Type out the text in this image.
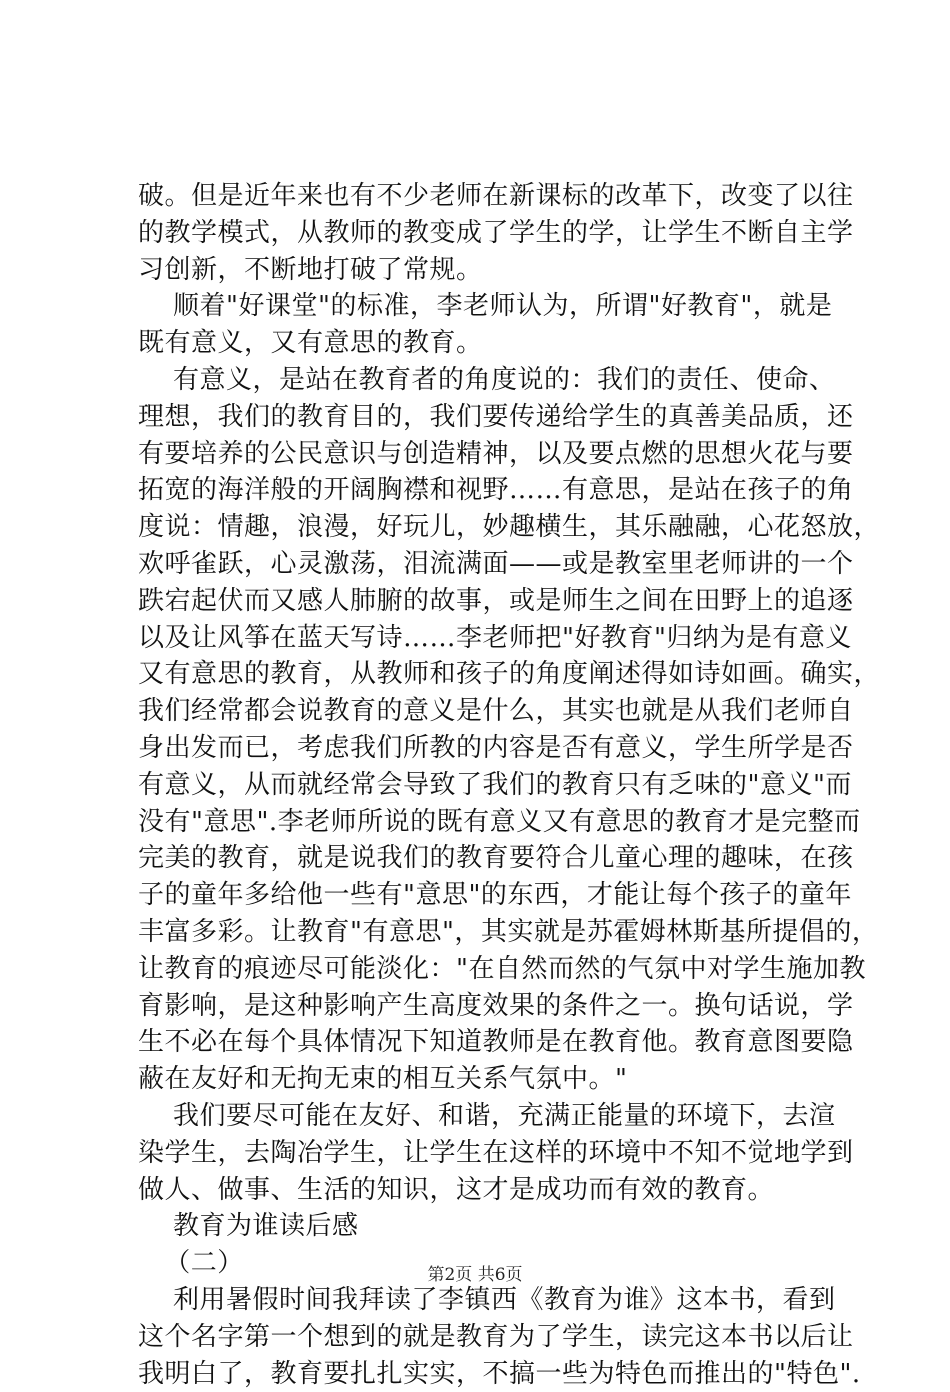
破。但是近年来也有不少老师在新课标的改革下，改变了以往
的教学模式，从教师的教变成了学生的学，让学生不断自主学
习创新，不断地打破了常规。
顺着"好课堂"的标准，李老师认为，所谓"好教育"，就是
既有意义，又有意思的教育。
有意义，是站在教育者的角度说的：我们的责任、使命、
理想，我们的教育目的，我们要传递给学生的真善美品质，还
有要培养的公民意识与创造精神，以及要点燃的思想火花与要
拓宽的海洋般的开阔胸襟和视野……有意思，是站在孩子的角
度说：情趣，浪漫，好玩儿，妙趣横生，其乐融融，心花怒放，
欢呼雀跃，心灵激荡，泪流满面——或是教室里老师讲的一个
跌宕起伏而又感人肺腑的故事，或是师生之间在田野上的追逐
以及让风筝在蓝天写诗……李老师把"好教育"归纳为是有意义
又有意思的教育，从教师和孩子的角度阐述得如诗如画。确实，
我们经常都会说教育的意义是什么，其实也就是从我们老师自
身出发而已，考虑我们所教的内容是否有意义，学生所学是否
有意义，从而就经常会导致了我们的教育只有乏味的"意义"而
没有"意思".李老师所说的既有意义又有意思的教育才是完整而
完美的教育，就是说我们的教育要符合儿童心理的趣味，在孩
子的童年多给他一些有"意思"的东西，才能让每个孩子的童年
丰富多彩。让教育"有意思"，其实就是苏霍姆林斯基所提倡的，
让教育的痕迹尽可能淡化："在自然而然的气氛中对学生施加教
育影响，是这种影响产生高度效果的条件之一。换句话说，学
生不必在每个具体情况下知道教师是在教育他。教育意图要隐
蔽在友好和无拘无束的相互关系气氛中。"
我们要尽可能在友好、和谐，充满正能量的环境下，去渲
染学生，去陶冶学生，让学生在这样的环境中不知不觉地学到
做人、做事、生活的知识，这才是成功而有效的教育。
教育为谁读后感
（二）
利用暑假时间我拜读了李镇西《教育为谁》这本书，看到
这个名字第一个想到的就是教育为了学生，读完这本书以后让
我明白了，教育要扎扎实实，不搞一些为特色而推出的"特色".
第2页 共6页
